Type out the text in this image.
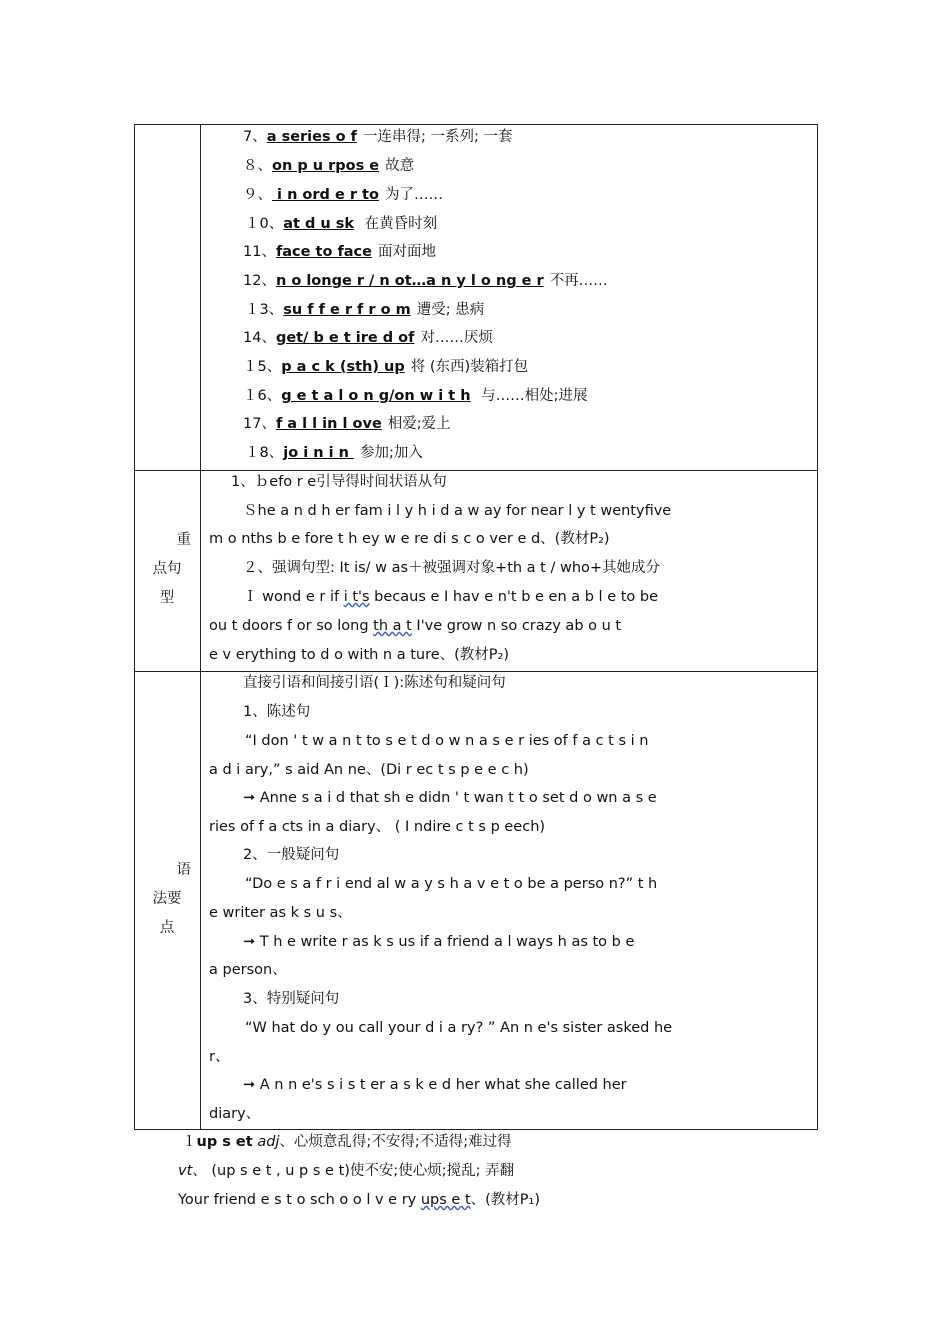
7、a series o f 一连串得; 一系列; 一套
８、on p u rpos e 故意
９、 i n ord e r to 为了……
１0、at d u sk 在黄昏时刻
11、face to face 面对面地
12、n o longe r / n ot…a n y l o ng e r 不再……
１3、su f f e r f r o m 遭受; 患病
14、get/ b e t ire d of 对……厌烦
１5、p a c k (sth) up 将 (东西)装箱打包
１6、g e t a l o n g/on w i t h 与……相处;进展
17、f a l l in l ove 相爱;爱上
１8、jo i n i n 参加;加入
重
点句
型
1、ｂefo r e引导得时间状语从句
Ｓhe a n d h er fam i l y h i d a w ay for near l y t wentyfive
m o nths b e fore t h ey w e re di s c o ver e d、(教材P₂)
２、强调句型: It is/ w as＋被强调对象+th a t / who+其她成分
Ｉ wond e r if i t's becaus e I hav e n't b e en a b l e to be
ou t doors f or so long th a t I've grow n so crazy ab o u t
e v erything to d o with n a ture、(教材P₂)
语
法要
点
直接引语和间接引语(Ｉ):陈述句和疑问句
1、陈述句
“I don ' t w a n t to s e t d o w n a s e r ies of f a c t s i n
a d i ary,” s aid An ne、(Di r ec t s p e e c h)
➞ Anne s a i d that sh e didn ' t wan t t o set d o wn a s e
ries of f a cts in a diary、 ( I ndire c t s p eech)
2、一般疑问句
“Do e s a f r i end al w a y s h a v e t o be a perso n?” t h
e writer as k s u s、
➞ T h e write r as k s us if a friend a l ways h as to b e
a person、
3、特别疑问句
“W hat do y ou call your d i a ry? ” An n e's sister asked he
r、
➞ A n n e's s i s t er a s k e d her what she called her
diary、
１up s et adj、心烦意乱得;不安得;不适得;难过得
vt、 (up s e t , u p s e t)使不安;使心烦;搅乱; 弄翻
Your friend e s t o sch o o l v e ry ups e t、(教材P₁)
